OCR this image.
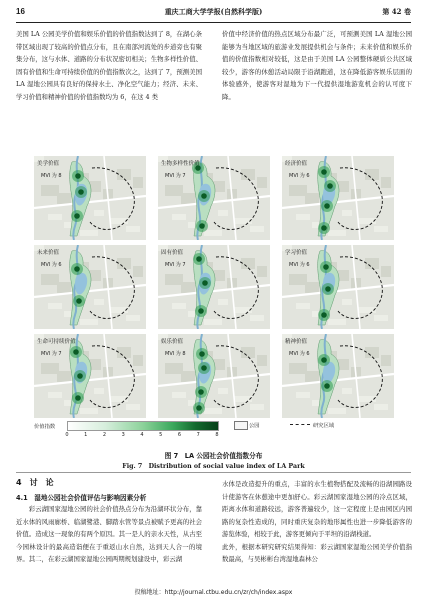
16	重庆工商大学学报(自然科学版)	第 42 卷

美国 LA 公园美学价值和娱乐价值的价值指数达到了 8，在湖心条带区域出现了较高的价值点分布，且在南部河流处的步道旁也有聚集分布，这与水体、道路的分布状况密切相关；生物多样性价值、固有价值和生命可持续价值的价值指数次之，达到了 7，预测美国 LA 湿地公园具有良好的保持水土、净化空气能力；经济、未来、学习价值和精神价值的价值指数均为 6，在这 4 类

价值中经济价值的热点区域分布最广泛，可预测美国 LA 湿地公园能够为当地区域的旅游业发展提供机会与条件；未来价值和娱乐价值的价值指数相对较低，这是由于美国 LA 公园整体硬质公共区域较少，游客的休憩活动局限于沿湖跑道，这在降低游客娱乐层面的体验感外，使游客对湿地为下一代提供湿地游览机会的认可度下降。

美学价值
MVI 为 8
生物多样性价值
MVI 为 7
经济价值
MVI 为 6
未来价值
MVI 为 6
固有价值
MVI 为 7
学习价值
MVI 为 6
生命可持续价值
MVI 为 7
娱乐价值
MVI 为 8
精神价值
MVI 为 6
价值指数
0	1	2	3	4	5	6	7	8
公园	研究区域
图 7　LA 公园社会价值指数分布
Fig. 7　Distribution of social value index of LA Park
4　讨　论
4.1　湿地公园社会价值评估与影响因素分析

彩云湖国家湿地公园的社会价值热点分布为沿湖环状分布，靠近水体的风雨廊桥、临湖鹭港、脚踏水管等景点被赋予更高的社会价值。造成这一现象的有两个原因。其一是人的亲水天性，从古至今园林设计的最高造诣便在于重返山水自然，达到天人合一的境界。其二，在彩云湖国家湿地公园两期规划建设中，彩云湖

水体是改造提升的重点，丰富的水生植物搭配及流畅的沿湖园路设计使游客在休憩途中更加舒心。彩云湖国家湿地公园的冷点区域，距离水体和道路较远，游客普遍较少，这一定程度上是由园区内园路的复杂性造成的，同时重庆复杂的地形属性也进一步降低游客的游览体验，相较于此，游客更倾向于平坦的沿湖栈道。
此外，根据本研究研究结果得知：彩云湖国家湿地公园美学价值指数最高，与吴彬彬台湾湿地森林公

投稿地址：http://journal.ctbu.edu.cn/zr/ch/index.aspx
